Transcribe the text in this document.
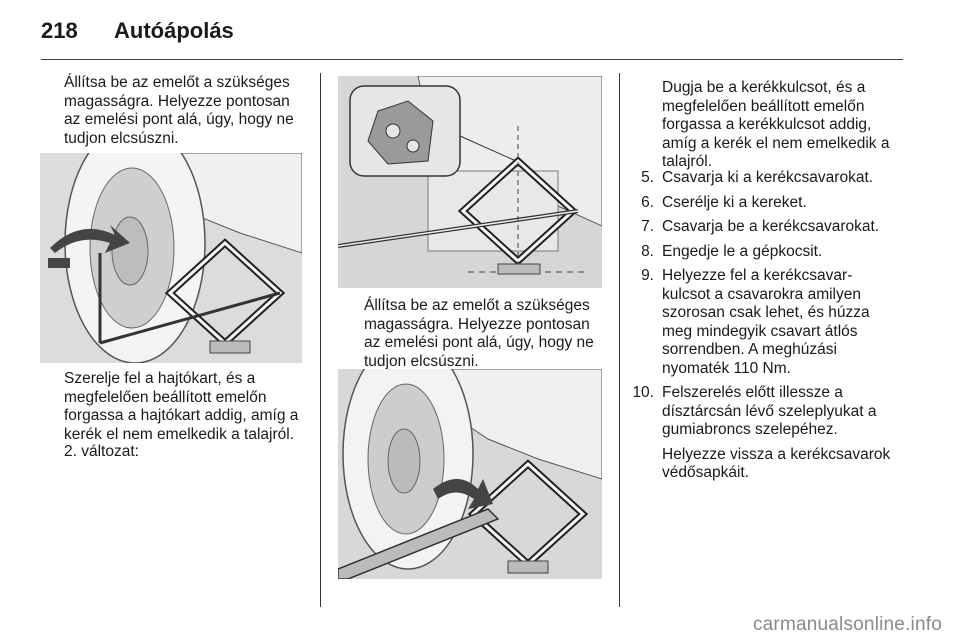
218 Autóápolás

Állítsa be az emelőt a szükséges magasságra. Helyezze pontosan az emelési pont alá, úgy, hogy ne tudjon elcsúszni.

Szerelje fel a hajtókart, és a megfelelően beállított emelőn forgassa a hajtókart addig, amíg a kerék el nem emelkedik a talajról.

2. változat:

Állítsa be az emelőt a szükséges magasságra. Helyezze pontosan az emelési pont alá, úgy, hogy ne tudjon elcsúszni.

Dugja be a kerékkulcsot, és a megfelelően beállított emelőn forgassa a kerékkulcsot addig, amíg a kerék el nem emelkedik a talajról.

5. Csavarja ki a kerékcsavarokat.
6. Cserélje ki a kereket.
7. Csavarja be a kerékcsavarokat.
8. Engedje le a gépkocsit.
9. Helyezze fel a kerékcsavar-kulcsot a csavarokra amilyen szorosan csak lehet, és húzza meg mindegyik csavart átlós sorrendben. A meghúzási nyomaték 110 Nm.
10. Felszerelés előtt illessze a dísztárcsán lévő szeleplyukat a gumiabroncs szelepéhez.
Helyezze vissza a kerékcsavarok védősapkáit.
carmanualsonline.info
